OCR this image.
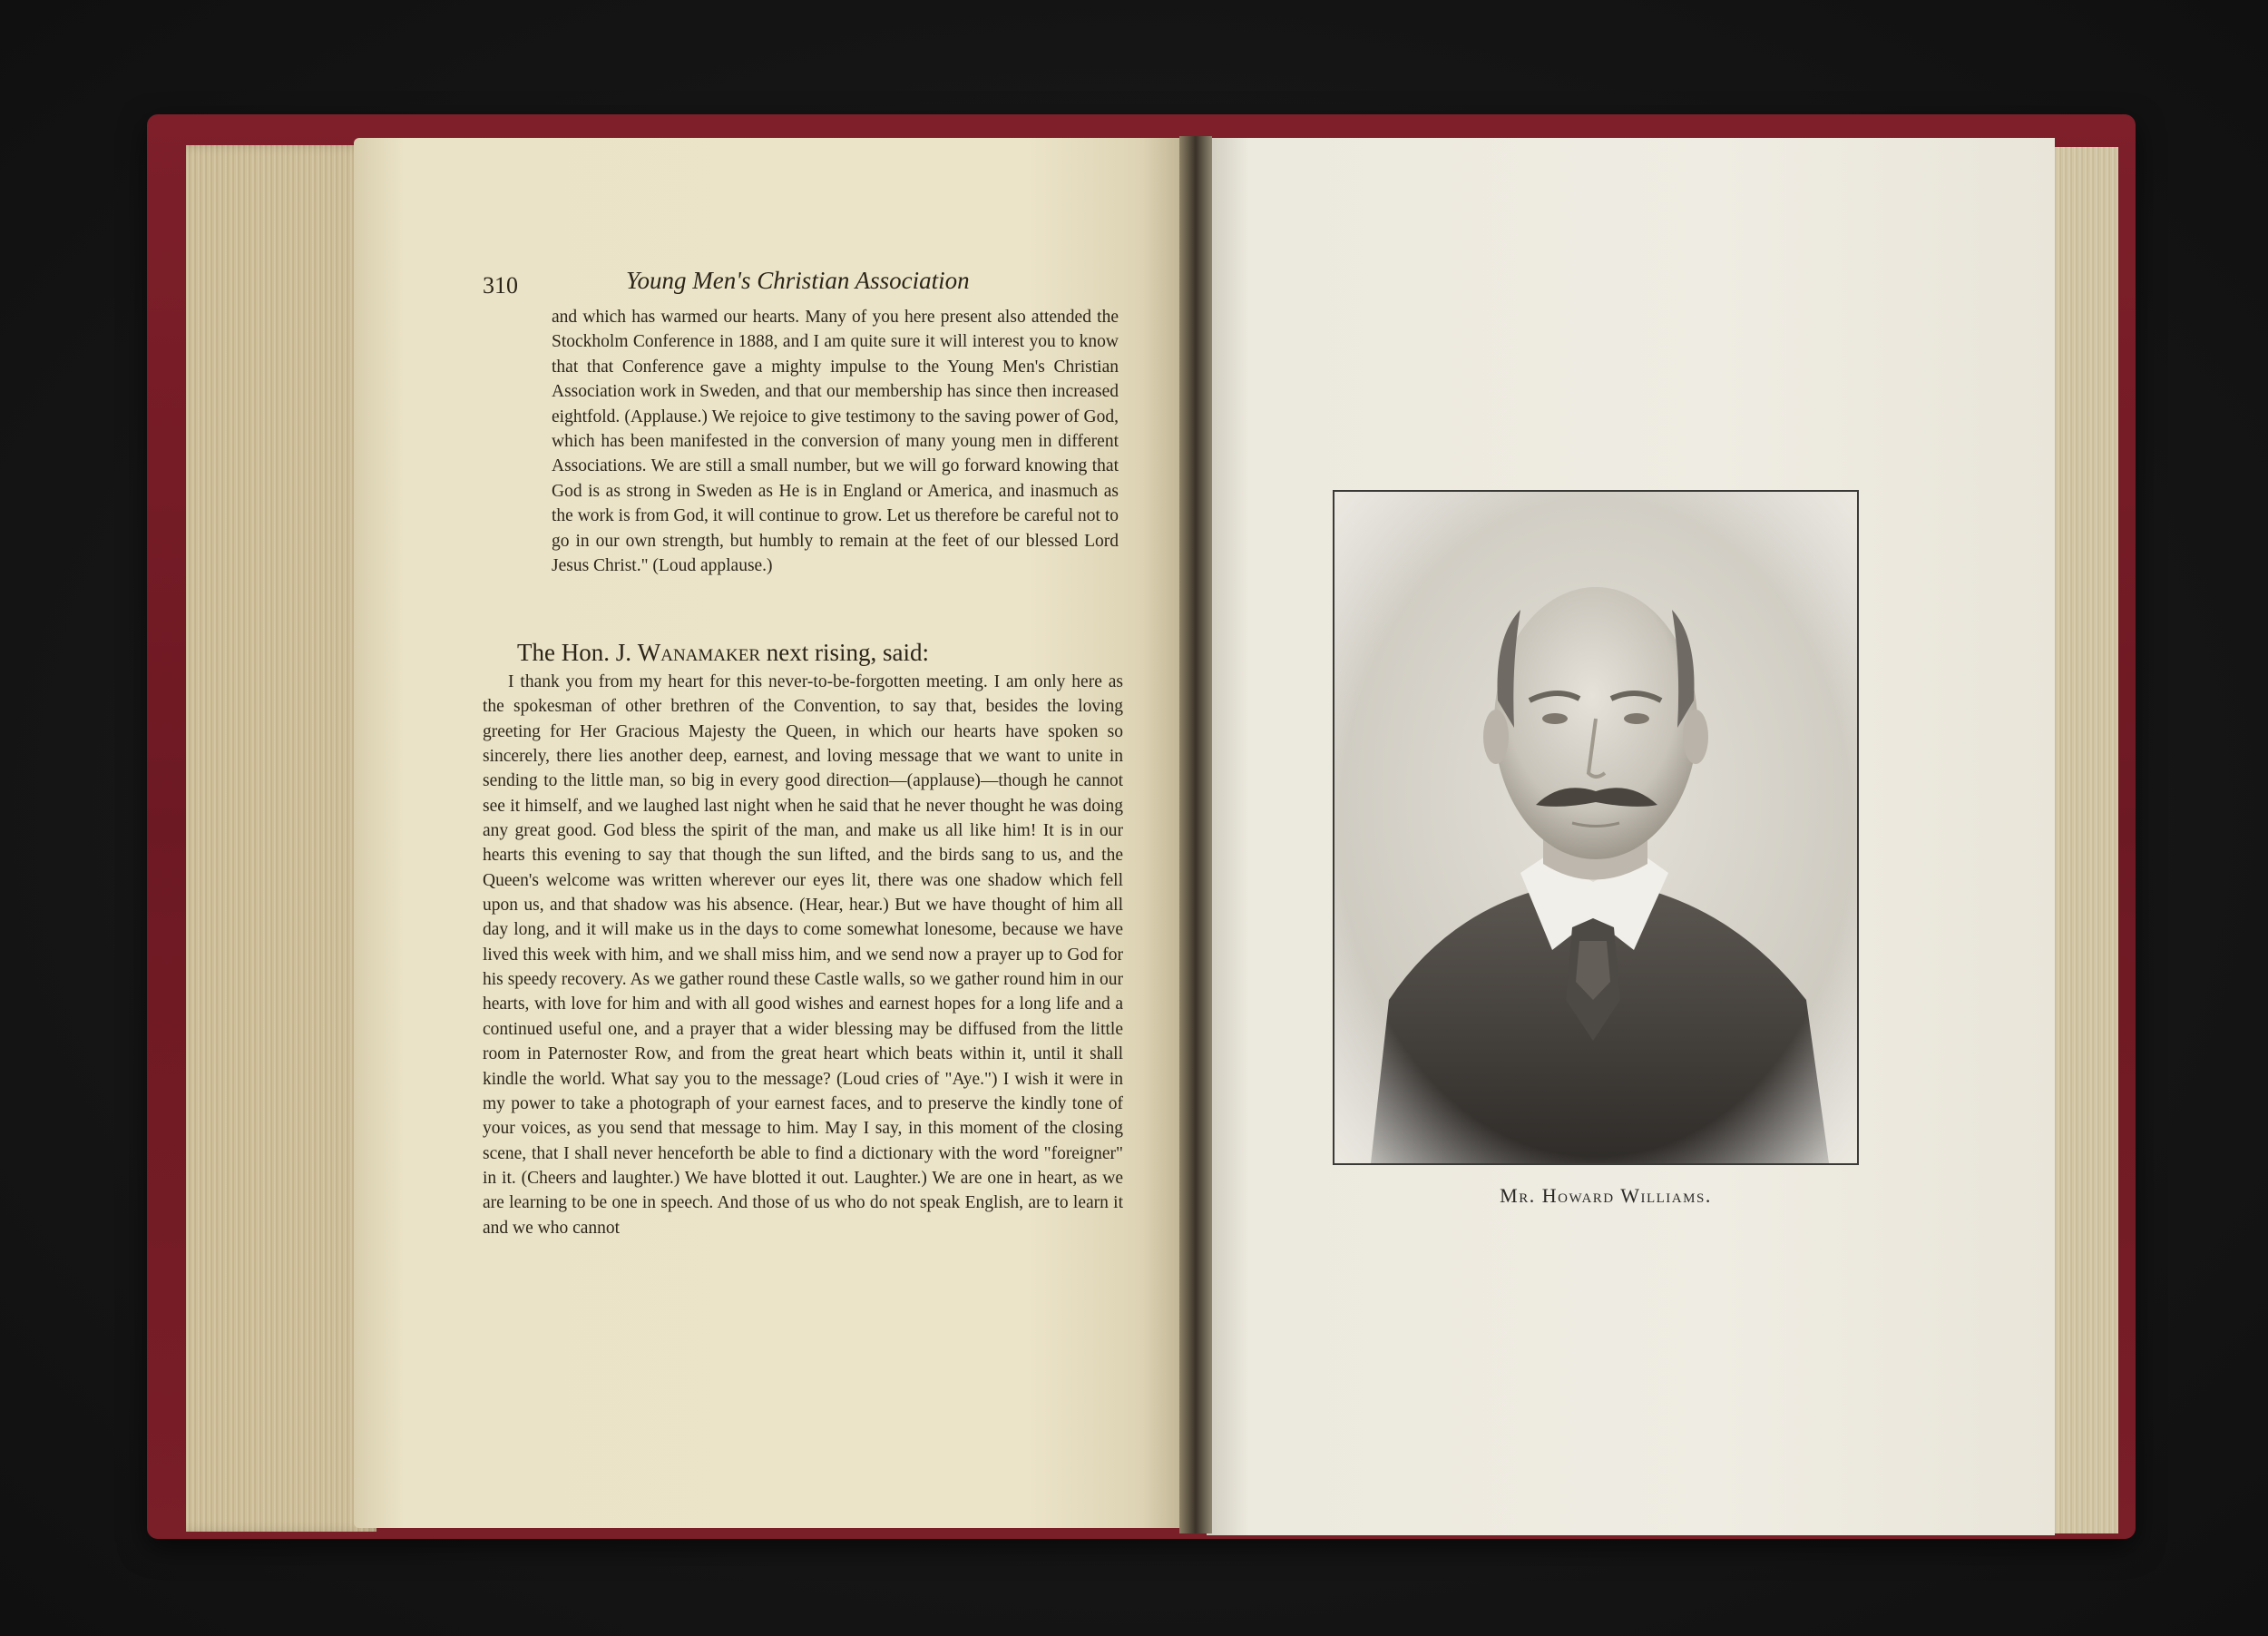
310	Young Men's Christian Association
and which has warmed our hearts. Many of you here present also attended the Stockholm Conference in 1888, and I am quite sure it will interest you to know that that Conference gave a mighty impulse to the Young Men's Christian Association work in Sweden, and that our membership has since then increased eightfold. (Applause.) We rejoice to give testimony to the saving power of God, which has been manifested in the conversion of many young men in different Associations. We are still a small number, but we will go forward knowing that God is as strong in Sweden as He is in England or America, and inasmuch as the work is from God, it will continue to grow. Let us therefore be careful not to go in our own strength, but humbly to remain at the feet of our blessed Lord Jesus Christ." (Loud applause.)
The Hon. J. Wanamaker next rising, said:
I thank you from my heart for this never-to-be-forgotten meeting. I am only here as the spokesman of other brethren of the Convention, to say that, besides the loving greeting for Her Gracious Majesty the Queen, in which our hearts have spoken so sincerely, there lies another deep, earnest, and loving message that we want to unite in sending to the little man, so big in every good direction—(applause)—though he cannot see it himself, and we laughed last night when he said that he never thought he was doing any great good. God bless the spirit of the man, and make us all like him! It is in our hearts this evening to say that though the sun lifted, and the birds sang to us, and the Queen's welcome was written wherever our eyes lit, there was one shadow which fell upon us, and that shadow was his absence. (Hear, hear.) But we have thought of him all day long, and it will make us in the days to come somewhat lonesome, because we have lived this week with him, and we shall miss him, and we send now a prayer up to God for his speedy recovery. As we gather round these Castle walls, so we gather round him in our hearts, with love for him and with all good wishes and earnest hopes for a long life and a continued useful one, and a prayer that a wider blessing may be diffused from the little room in Paternoster Row, and from the great heart which beats within it, until it shall kindle the world. What say you to the message? (Loud cries of "Aye.") I wish it were in my power to take a photograph of your earnest faces, and to preserve the kindly tone of your voices, as you send that message to him. May I say, in this moment of the closing scene, that I shall never henceforth be able to find a dictionary with the word "foreigner" in it. (Cheers and laughter.) We have blotted it out. Laughter.) We are one in heart, as we are learning to be one in speech. And those of us who do not speak English, are to learn it and we who cannot
Mr. Howard Williams.
